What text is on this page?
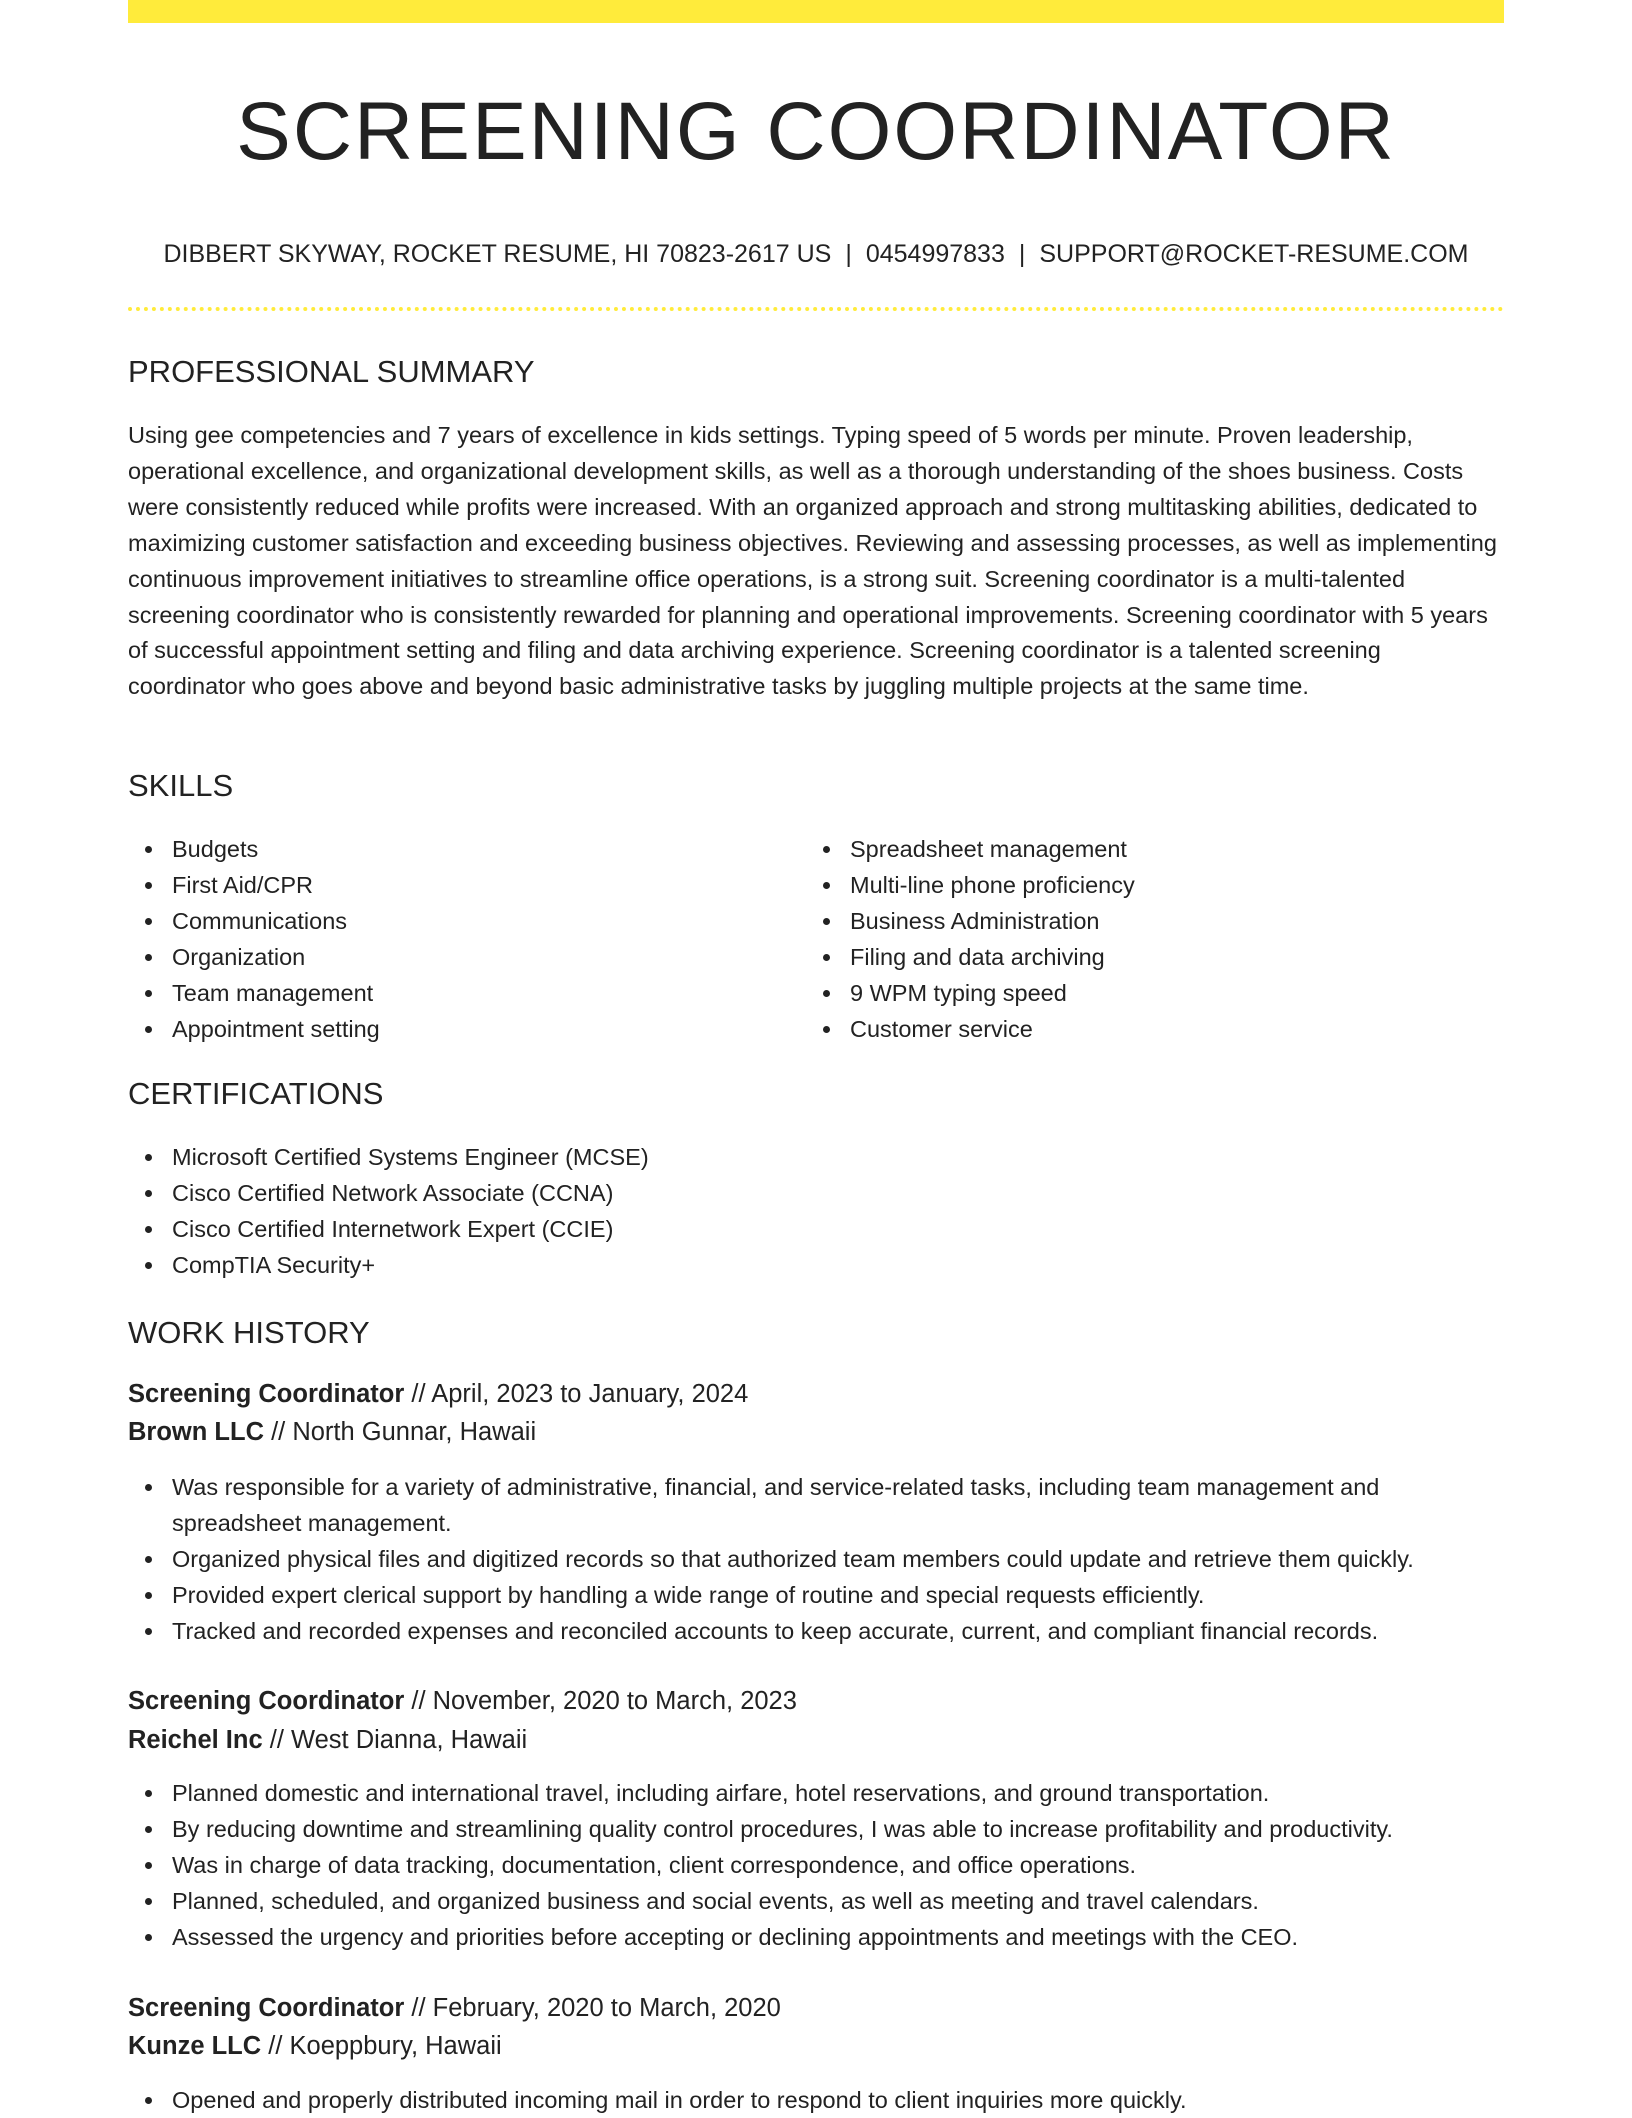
SCREENING COORDINATOR
DIBBERT SKYWAY, ROCKET RESUME, HI 70823-2617 US | 0454997833 | SUPPORT@ROCKET-RESUME.COM
PROFESSIONAL SUMMARY

Using gee competencies and 7 years of excellence in kids settings. Typing speed of 5 words per minute. Proven leadership, operational excellence, and organizational development skills, as well as a thorough understanding of the shoes business. Costs were consistently reduced while profits were increased. With an organized approach and strong multitasking abilities, dedicated to maximizing customer satisfaction and exceeding business objectives. Reviewing and assessing processes, as well as implementing continuous improvement initiatives to streamline office operations, is a strong suit. Screening coordinator is a multi-talented screening coordinator who is consistently rewarded for planning and operational improvements. Screening coordinator with 5 years of successful appointment setting and filing and data archiving experience. Screening coordinator is a talented screening coordinator who goes above and beyond basic administrative tasks by juggling multiple projects at the same time.

SKILLS
Budgets
First Aid/CPR
Communications
Organization
Team management
Appointment setting
Spreadsheet management
Multi-line phone proficiency
Business Administration
Filing and data archiving
9 WPM typing speed
Customer service
CERTIFICATIONS
Microsoft Certified Systems Engineer (MCSE)
Cisco Certified Network Associate (CCNA)
Cisco Certified Internetwork Expert (CCIE)
CompTIA Security+
WORK HISTORY
Screening Coordinator // April, 2023 to January, 2024
Brown LLC // North Gunnar, Hawaii
Was responsible for a variety of administrative, financial, and service-related tasks, including team management and spreadsheet management.
Organized physical files and digitized records so that authorized team members could update and retrieve them quickly.
Provided expert clerical support by handling a wide range of routine and special requests efficiently.
Tracked and recorded expenses and reconciled accounts to keep accurate, current, and compliant financial records.
Screening Coordinator // November, 2020 to March, 2023
Reichel Inc // West Dianna, Hawaii
Planned domestic and international travel, including airfare, hotel reservations, and ground transportation.
By reducing downtime and streamlining quality control procedures, I was able to increase profitability and productivity.
Was in charge of data tracking, documentation, client correspondence, and office operations.
Planned, scheduled, and organized business and social events, as well as meeting and travel calendars.
Assessed the urgency and priorities before accepting or declining appointments and meetings with the CEO.
Screening Coordinator // February, 2020 to March, 2020
Kunze LLC // Koeppbury, Hawaii
Opened and properly distributed incoming mail in order to respond to client inquiries more quickly.
